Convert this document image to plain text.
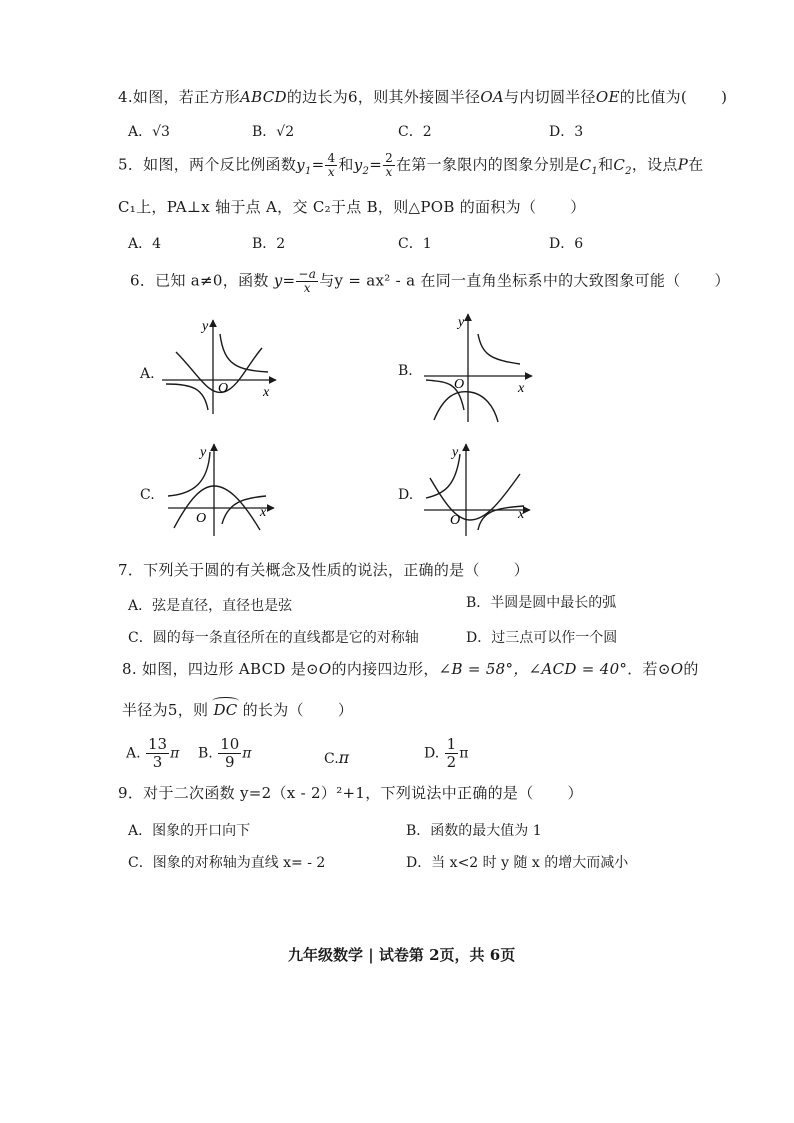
4.如图，若正方形ABCD的边长为6，则其外接圆半径OA与内切圆半径OE的比值为( )
A．√3	B．√2	C．2	D．3
5．如图，两个反比例函数$y_1= \frac{4}{x}$ 和$y_2= \frac{2}{x}$ 在第一象限内的图象分别是$C_1$和$C_2$，设点P在
C₁上，PA⊥x 轴于点 A，交 C₂于点 B，则△POB 的面积为（ ）
A．4	B．2	C．1	D．6
6．已知 a≠0，函数 $y= \frac{-a}{x}$ 与y = ax² - a 在同一直角坐标系中的大致图象可能（ ）
A.	B.
C.	D.
y
x
O
y
x
O
y
x
O
y
x
O
7．下列关于圆的有关概念及性质的说法，正确的是（ ）
A．弦是直径，直径也是弦	B．半圆是圆中最长的弧
C．圆的每一条直径所在的直线都是它的对称轴	D．过三点可以作一个圆
8. 如图，四边形 ABCD 是⊙O的内接四边形，∠B = 58°，∠ACD = 40°．若⊙O的
半径为5，则 DC 的长为（ ）
A. $\frac{13}{3}$ π B. $\frac{10}{9}$ π	C.π	D. $\frac{1}{2}$ π
9．对于二次函数 y=2（x - 2）²+1，下列说法中正确的是（ ）
A．图象的开口向下	B．函数的最大值为 1
C．图象的对称轴为直线 x= - 2	D．当 x<2 时 y 随 x 的增大而减小
九年级数学 | 试卷第 2页，共 6页
